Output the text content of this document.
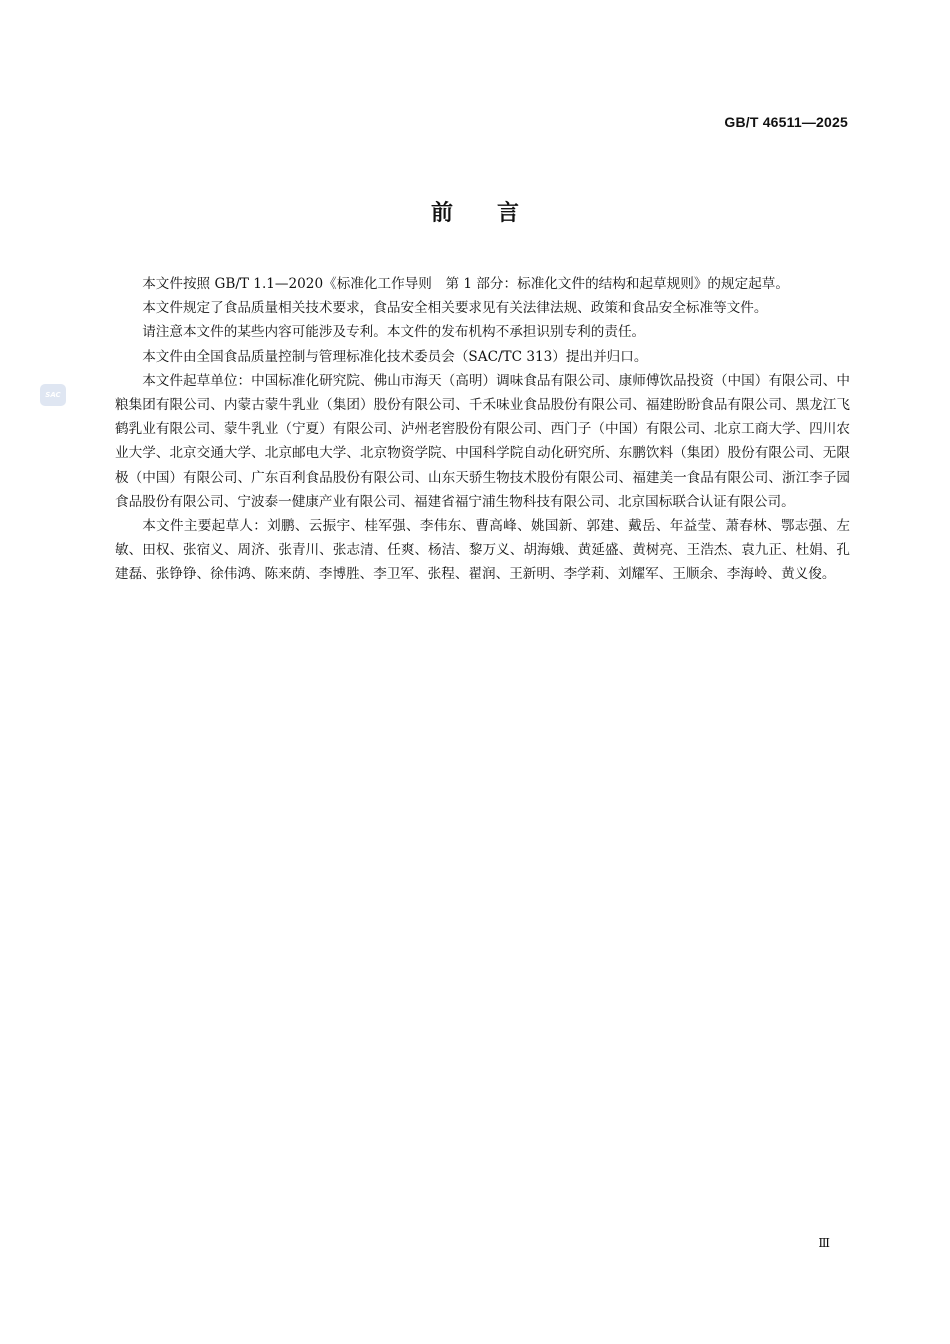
GB/T 46511—2025
SAC
前言

本文件按照 GB/T 1.1—2020《标准化工作导则　第 1 部分：标准化文件的结构和起草规则》的规定起草。

本文件规定了食品质量相关技术要求，食品安全相关要求见有关法律法规、政策和食品安全标准等文件。

请注意本文件的某些内容可能涉及专利。本文件的发布机构不承担识别专利的责任。

本文件由全国食品质量控制与管理标准化技术委员会（SAC/TC 313）提出并归口。

本文件起草单位：中国标准化研究院、佛山市海天（高明）调味食品有限公司、康师傅饮品投资（中国）有限公司、中粮集团有限公司、内蒙古蒙牛乳业（集团）股份有限公司、千禾味业食品股份有限公司、福建盼盼食品有限公司、黑龙江飞鹤乳业有限公司、蒙牛乳业（宁夏）有限公司、泸州老窖股份有限公司、西门子（中国）有限公司、北京工商大学、四川农业大学、北京交通大学、北京邮电大学、北京物资学院、中国科学院自动化研究所、东鹏饮料（集团）股份有限公司、无限极（中国）有限公司、广东百利食品股份有限公司、山东天骄生物技术股份有限公司、福建美一食品有限公司、浙江李子园食品股份有限公司、宁波泰一健康产业有限公司、福建省福宁浦生物科技有限公司、北京国标联合认证有限公司。

本文件主要起草人：刘鹏、云振宇、桂军强、李伟东、曹高峰、姚国新、郭建、戴岳、年益莹、萧春林、鄂志强、左敏、田权、张宿义、周济、张青川、张志清、任爽、杨洁、黎万义、胡海娥、黄延盛、黄树亮、王浩杰、袁九正、杜娟、孔建磊、张铮铮、徐伟鸿、陈来荫、李博胜、李卫军、张程、翟润、王新明、李学莉、刘耀军、王顺余、李海岭、黄义俊。

Ⅲ
